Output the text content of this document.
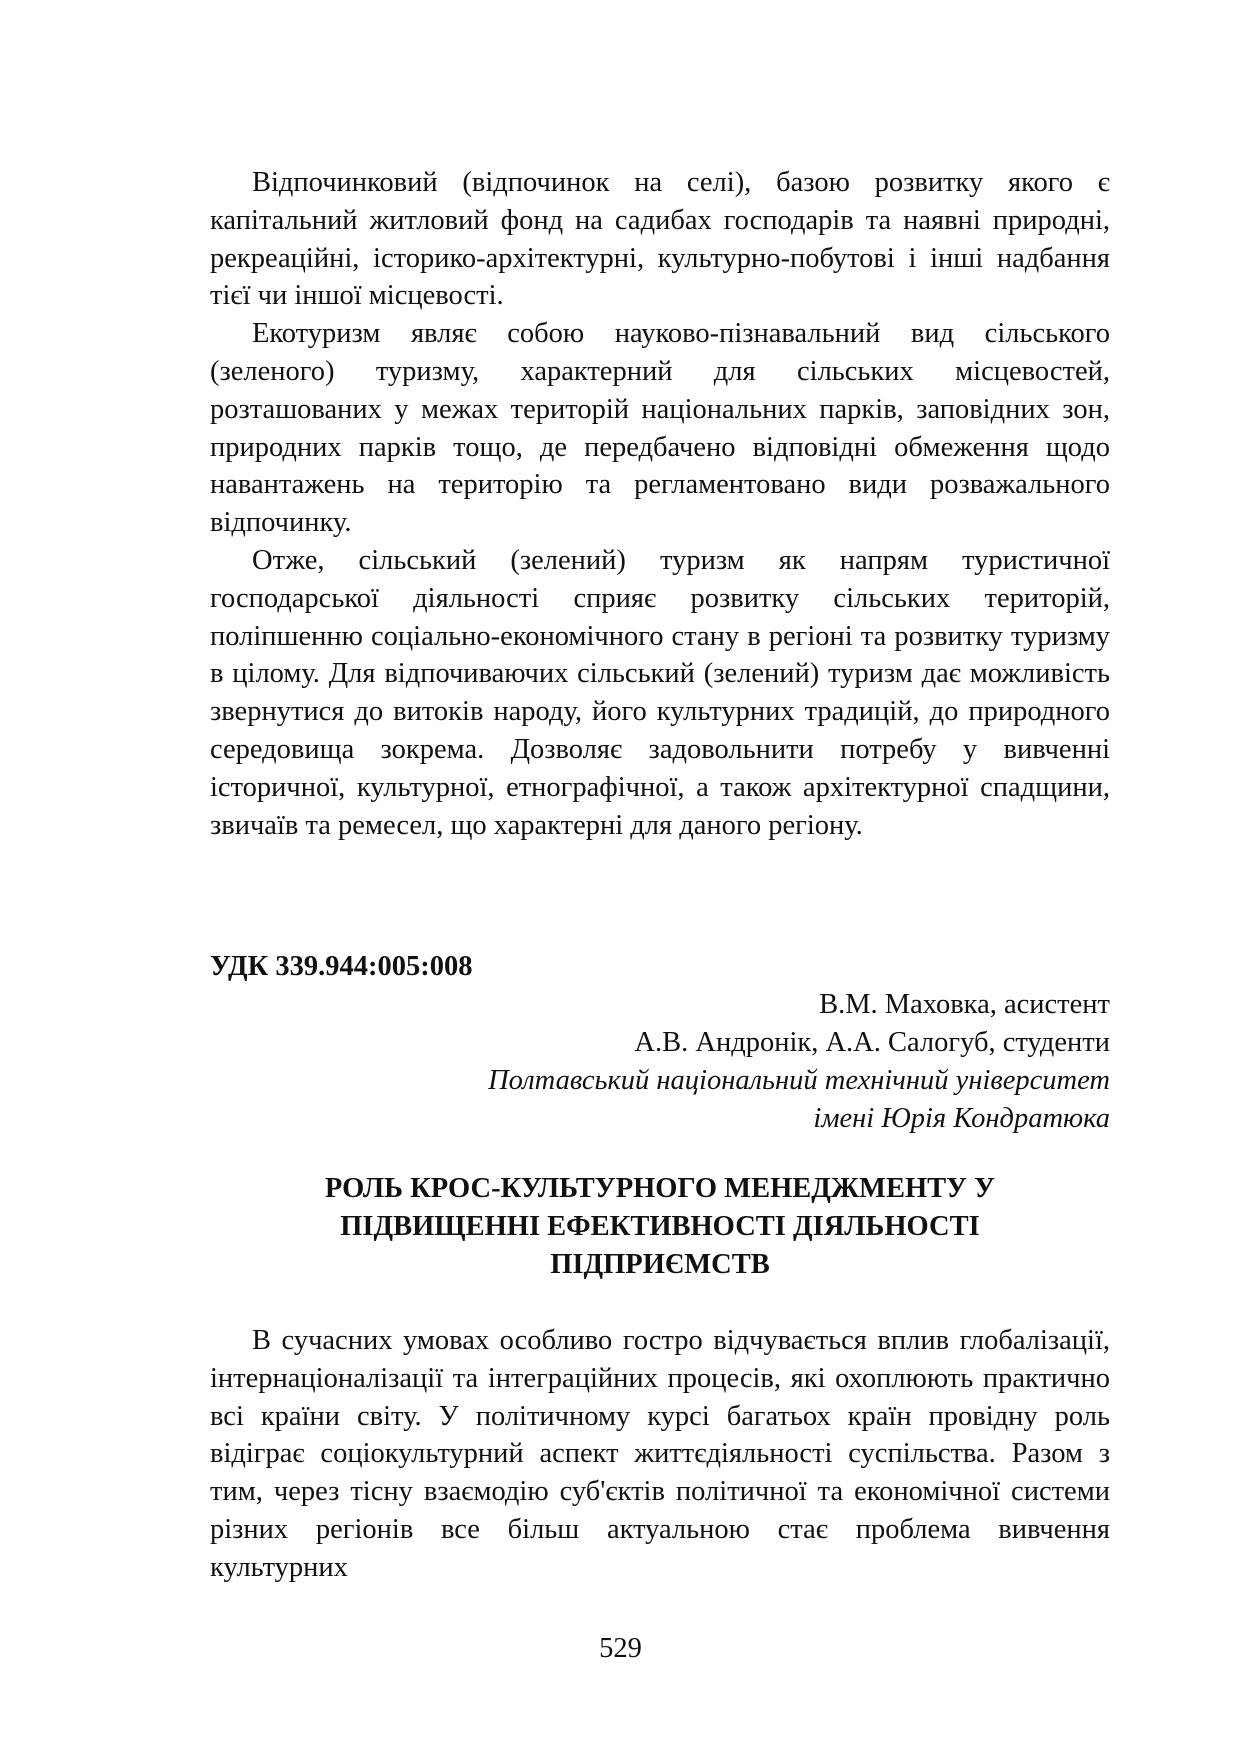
Відпочинковий (відпочинок на селі), базою розвитку якого є капітальний житловий фонд на садибах господарів та наявні природні, рекреаційні, історико-архітектурні, культурно-побутові і інші надбання тієї чи іншої місцевості.

Екотуризм являє собою науково-пізнавальний вид сільського (зеленого) туризму, характерний для сільських місцевостей, розташованих у межах територій національних парків, заповідних зон, природних парків тощо, де передбачено відповідні обмеження щодо навантажень на територію та регламентовано види розважального відпочинку.

Отже, сільський (зелений) туризм як напрям туристичної господарської діяльності сприяє розвитку сільських територій, поліпшенню соціально-економічного стану в регіоні та розвитку туризму в цілому. Для відпочиваючих сільський (зелений) туризм дає можливість звернутися до витоків народу, його культурних традицій, до природного середовища зокрема. Дозволяє задовольнити потребу у вивченні історичної, культурної, етнографічної, а також архітектурної спадщини, звичаїв та ремесел, що характерні для даного регіону.

УДК 339.944:005:008

В.М. Маховка, асистент
А.В. Андронік, А.А. Салогуб, студенти
Полтавський національний технічний університет
імені Юрія Кондратюка
РОЛЬ КРОС-КУЛЬТУРНОГО МЕНЕДЖМЕНТУ У
ПІДВИЩЕННІ ЕФЕКТИВНОСТІ ДІЯЛЬНОСТІ
ПІДПРИЄМСТВ

В сучасних умовах особливо гостро відчувається вплив глобалізації, інтернаціоналізації та інтеграційних процесів, які охоплюють практично всі країни світу. У політичному курсі багатьох країн провідну роль відіграє соціокультурний аспект життєдіяльності суспільства. Разом з тим, через тісну взаємодію суб'єктів політичної та економічної системи різних регіонів все більш актуальною стає проблема вивчення культурних

529
